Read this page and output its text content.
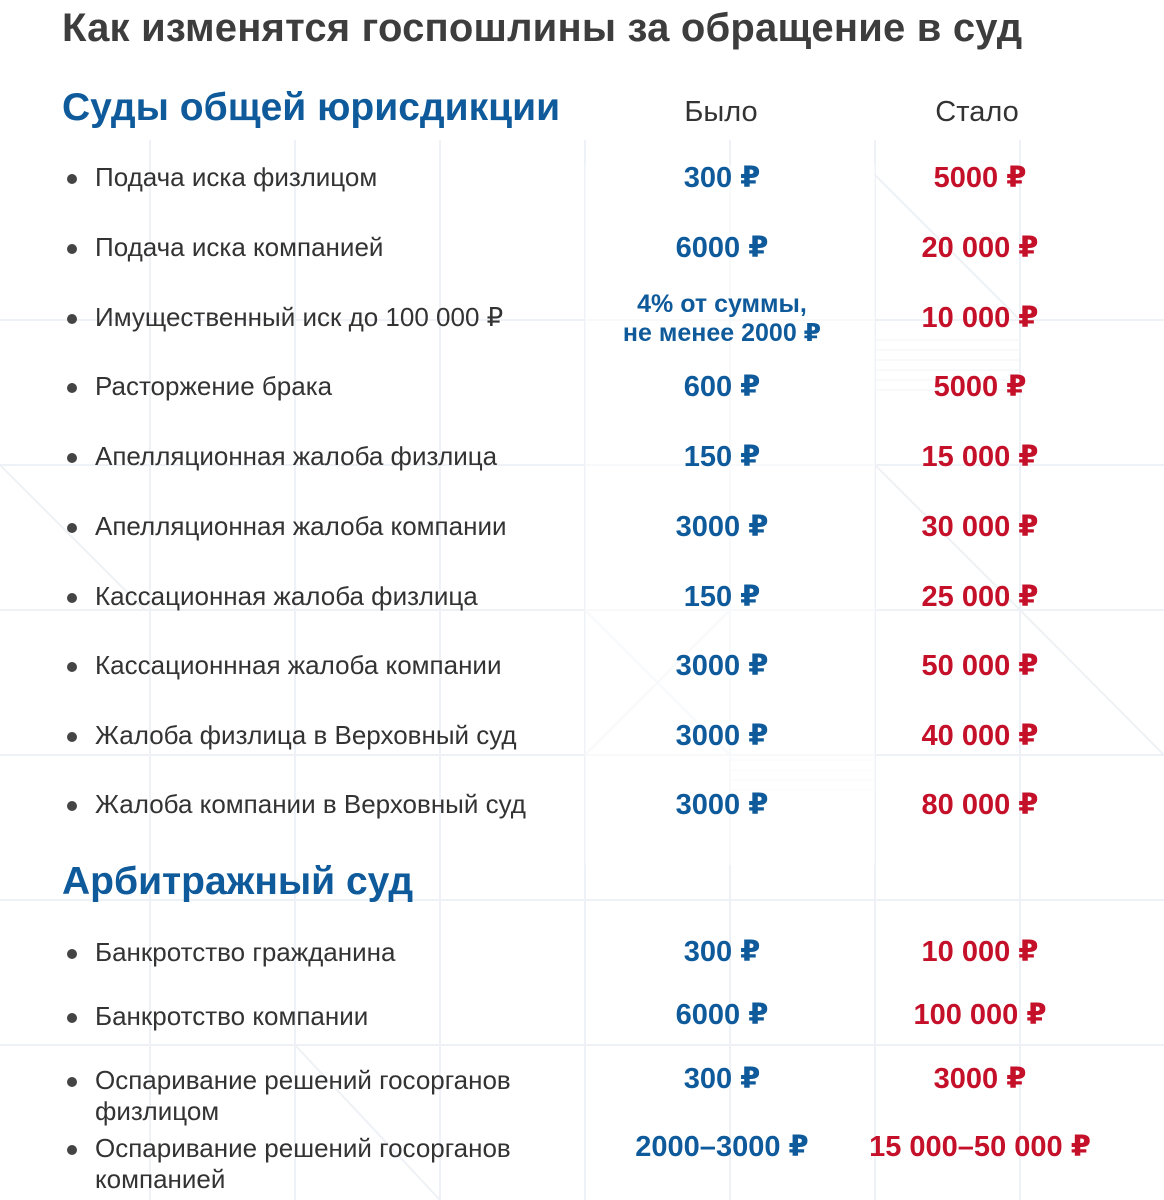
Как изменятся госпошлины за обращение в суд
Суды общей юрисдикции	Было	Стало
Подача иска физлицом	300 ₽	5000 ₽
Подача иска компанией	6000 ₽	20 000 ₽
Имущественный иск до 100 000 ₽	4% от суммы,
не менее 2000 ₽	10 000 ₽
Расторжение брака	600 ₽	5000 ₽
Апелляционная жалоба физлица	150 ₽	15 000 ₽
Апелляционная жалоба компании	3000 ₽	30 000 ₽
Кассационная жалоба физлица	150 ₽	25 000 ₽
Кассационнная жалоба компании	3000 ₽	50 000 ₽
Жалоба физлица в Верховный суд	3000 ₽	40 000 ₽
Жалоба компании в Верховный суд	3000 ₽	80 000 ₽
Арбитражный суд
Банкротство гражданина	300 ₽	10 000 ₽
Банкротство компании	6000 ₽	100 000 ₽
Оспаривание решений госорганов
физлицом
300 ₽	3000 ₽
Оспаривание решений госорганов
компанией
2000–3000 ₽	15 000–50 000 ₽
